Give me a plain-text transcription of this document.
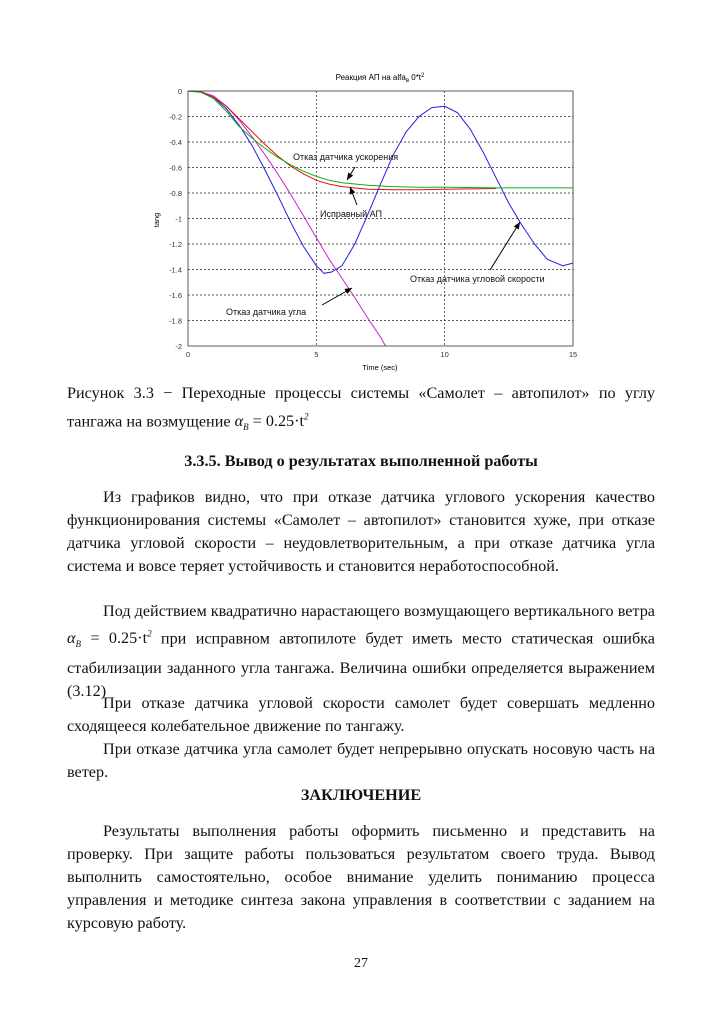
Реакция АП на alfa$_в$ $0*t^2$
0
-0.2
-0.4
-0.6
-0.8
-1
-1.2
-1.4
-1.6
-1.8
-2
0	5	10	15
Отказ датчика ускорения
Исправный АП
Отказ датчика угловой скорости
Отказ датчика угла
Time (sec)
tang
Рисунок 3.3 − Переходные процессы системы «Самолет – автопилот» по углу тангажа на возмущение $\alpha_B = 0.25\cdot t^2$
3.3.5. Вывод о результатах выполненной работы
Из графиков видно, что при отказе датчика углового ускорения качество функционирования системы «Самолет – автопилот» становится хуже, при отказе датчика угловой скорости – неудовлетворительным, а при отказе датчика угла система и вовсе теряет устойчивость и становится неработоспособной.
Под действием квадратично нарастающего возмущающего вертикального ветра $\alpha_B = 0.25\cdot t^2$ при исправном автопилоте будет иметь место статическая ошибка стабилизации заданного угла тангажа. Величина ошибки определяется выражением (3.12)
При отказе датчика угловой скорости самолет будет совершать медленно сходящееся колебательное движение по тангажу.
При отказе датчика угла самолет будет непрерывно опускать носовую часть на ветер.
ЗАКЛЮЧЕНИЕ
Результаты выполнения работы оформить письменно и представить на проверку. При защите работы пользоваться результатом своего труда. Вывод выполнить самостоятельно, особое внимание уделить пониманию процесса управления и методике синтеза закона управления в соответствии с заданием на курсовую работу.
27
